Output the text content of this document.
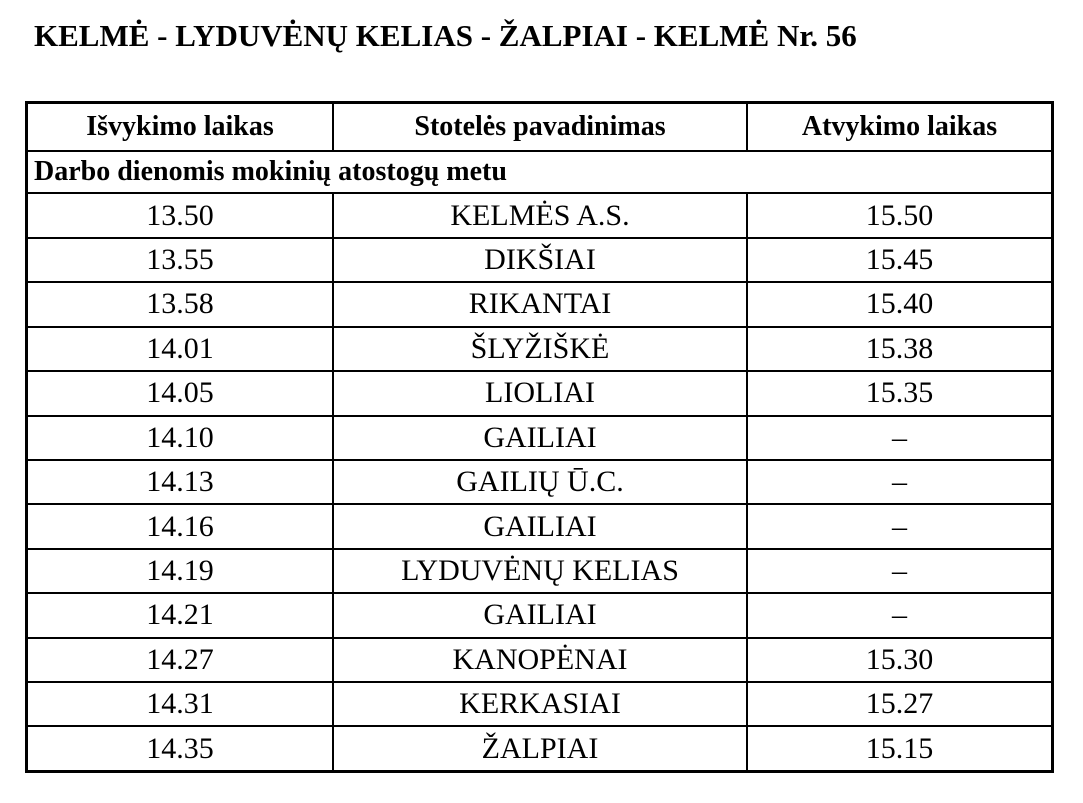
KELMĖ - LYDUVĖNŲ KELIAS - ŽALPIAI - KELMĖ Nr. 56
Išvykimo laikas	Stotelės pavadinimas	Atvykimo laikas
Darbo dienomis mokinių atostogų metu		
13.50	KELMĖS A.S.	15.50
13.55	DIKŠIAI	15.45
13.58	RIKANTAI	15.40
14.01	ŠLYŽIŠKĖ	15.38
14.05	LIOLIAI	15.35
14.10	GAILIAI	–
14.13	GAILIŲ Ū.C.	–
14.16	GAILIAI	–
14.19	LYDUVĖNŲ KELIAS	–
14.21	GAILIAI	–
14.27	KANOPĖNAI	15.30
14.31	KERKASIAI	15.27
14.35	ŽALPIAI	15.15
